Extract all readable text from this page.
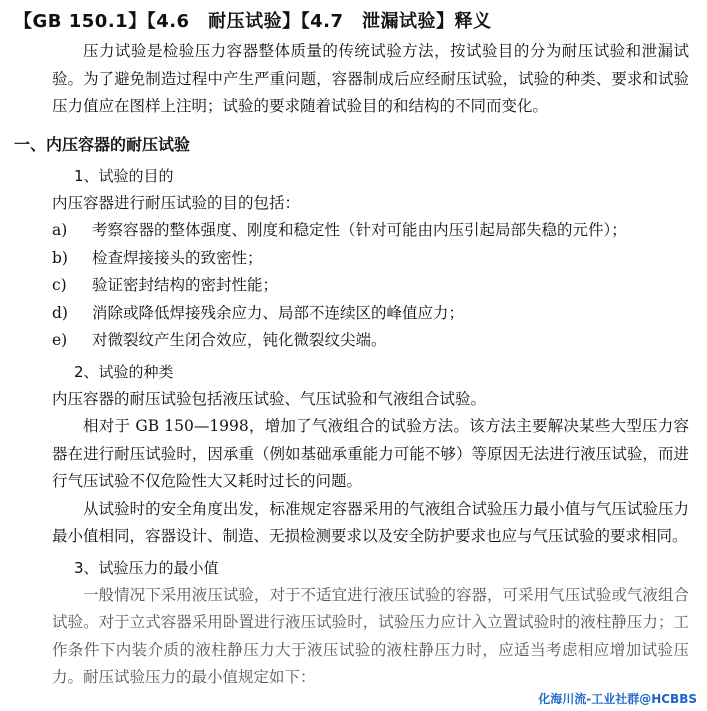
【GB 150.1】【4.6　耐压试验】【4.7　泄漏试验】释义

压力试验是检验压力容器整体质量的传统试验方法，按试验目的分为耐压试验和泄漏试验。为了避免制造过程中产生严重问题，容器制成后应经耐压试验，试验的种类、要求和试验压力值应在图样上注明；试验的要求随着试验目的和结构的不同而变化。

一、内压容器的耐压试验
1、试验的目的

内压容器进行耐压试验的目的包括：

a)	考察容器的整体强度、刚度和稳定性（针对可能由内压引起局部失稳的元件）；
b)	检查焊接接头的致密性；
c)	验证密封结构的密封性能；
d)	消除或降低焊接残余应力、局部不连续区的峰值应力；
e)	对微裂纹产生闭合效应，钝化微裂纹尖端。
2、试验的种类

内压容器的耐压试验包括液压试验、气压试验和气液组合试验。

相对于 GB 150—1998，增加了气液组合的试验方法。该方法主要解决某些大型压力容器在进行耐压试验时，因承重（例如基础承重能力可能不够）等原因无法进行液压试验，而进行气压试验不仅危险性大又耗时过长的问题。

从试验时的安全角度出发，标准规定容器采用的气液组合试验压力最小值与气压试验压力最小值相同，容器设计、制造、无损检测要求以及安全防护要求也应与气压试验的要求相同。

3、试验压力的最小值

一般情况下采用液压试验，对于不适宜进行液压试验的容器，可采用气压试验或气液组合试验。对于立式容器采用卧置进行液压试验时，试验压力应计入立置试验时的液柱静压力；工作条件下内装介质的液柱静压力大于液压试验的液柱静压力时，应适当考虑相应增加试验压力。耐压试验压力的最小值规定如下：

化海川流-工业社群@HCBBS
